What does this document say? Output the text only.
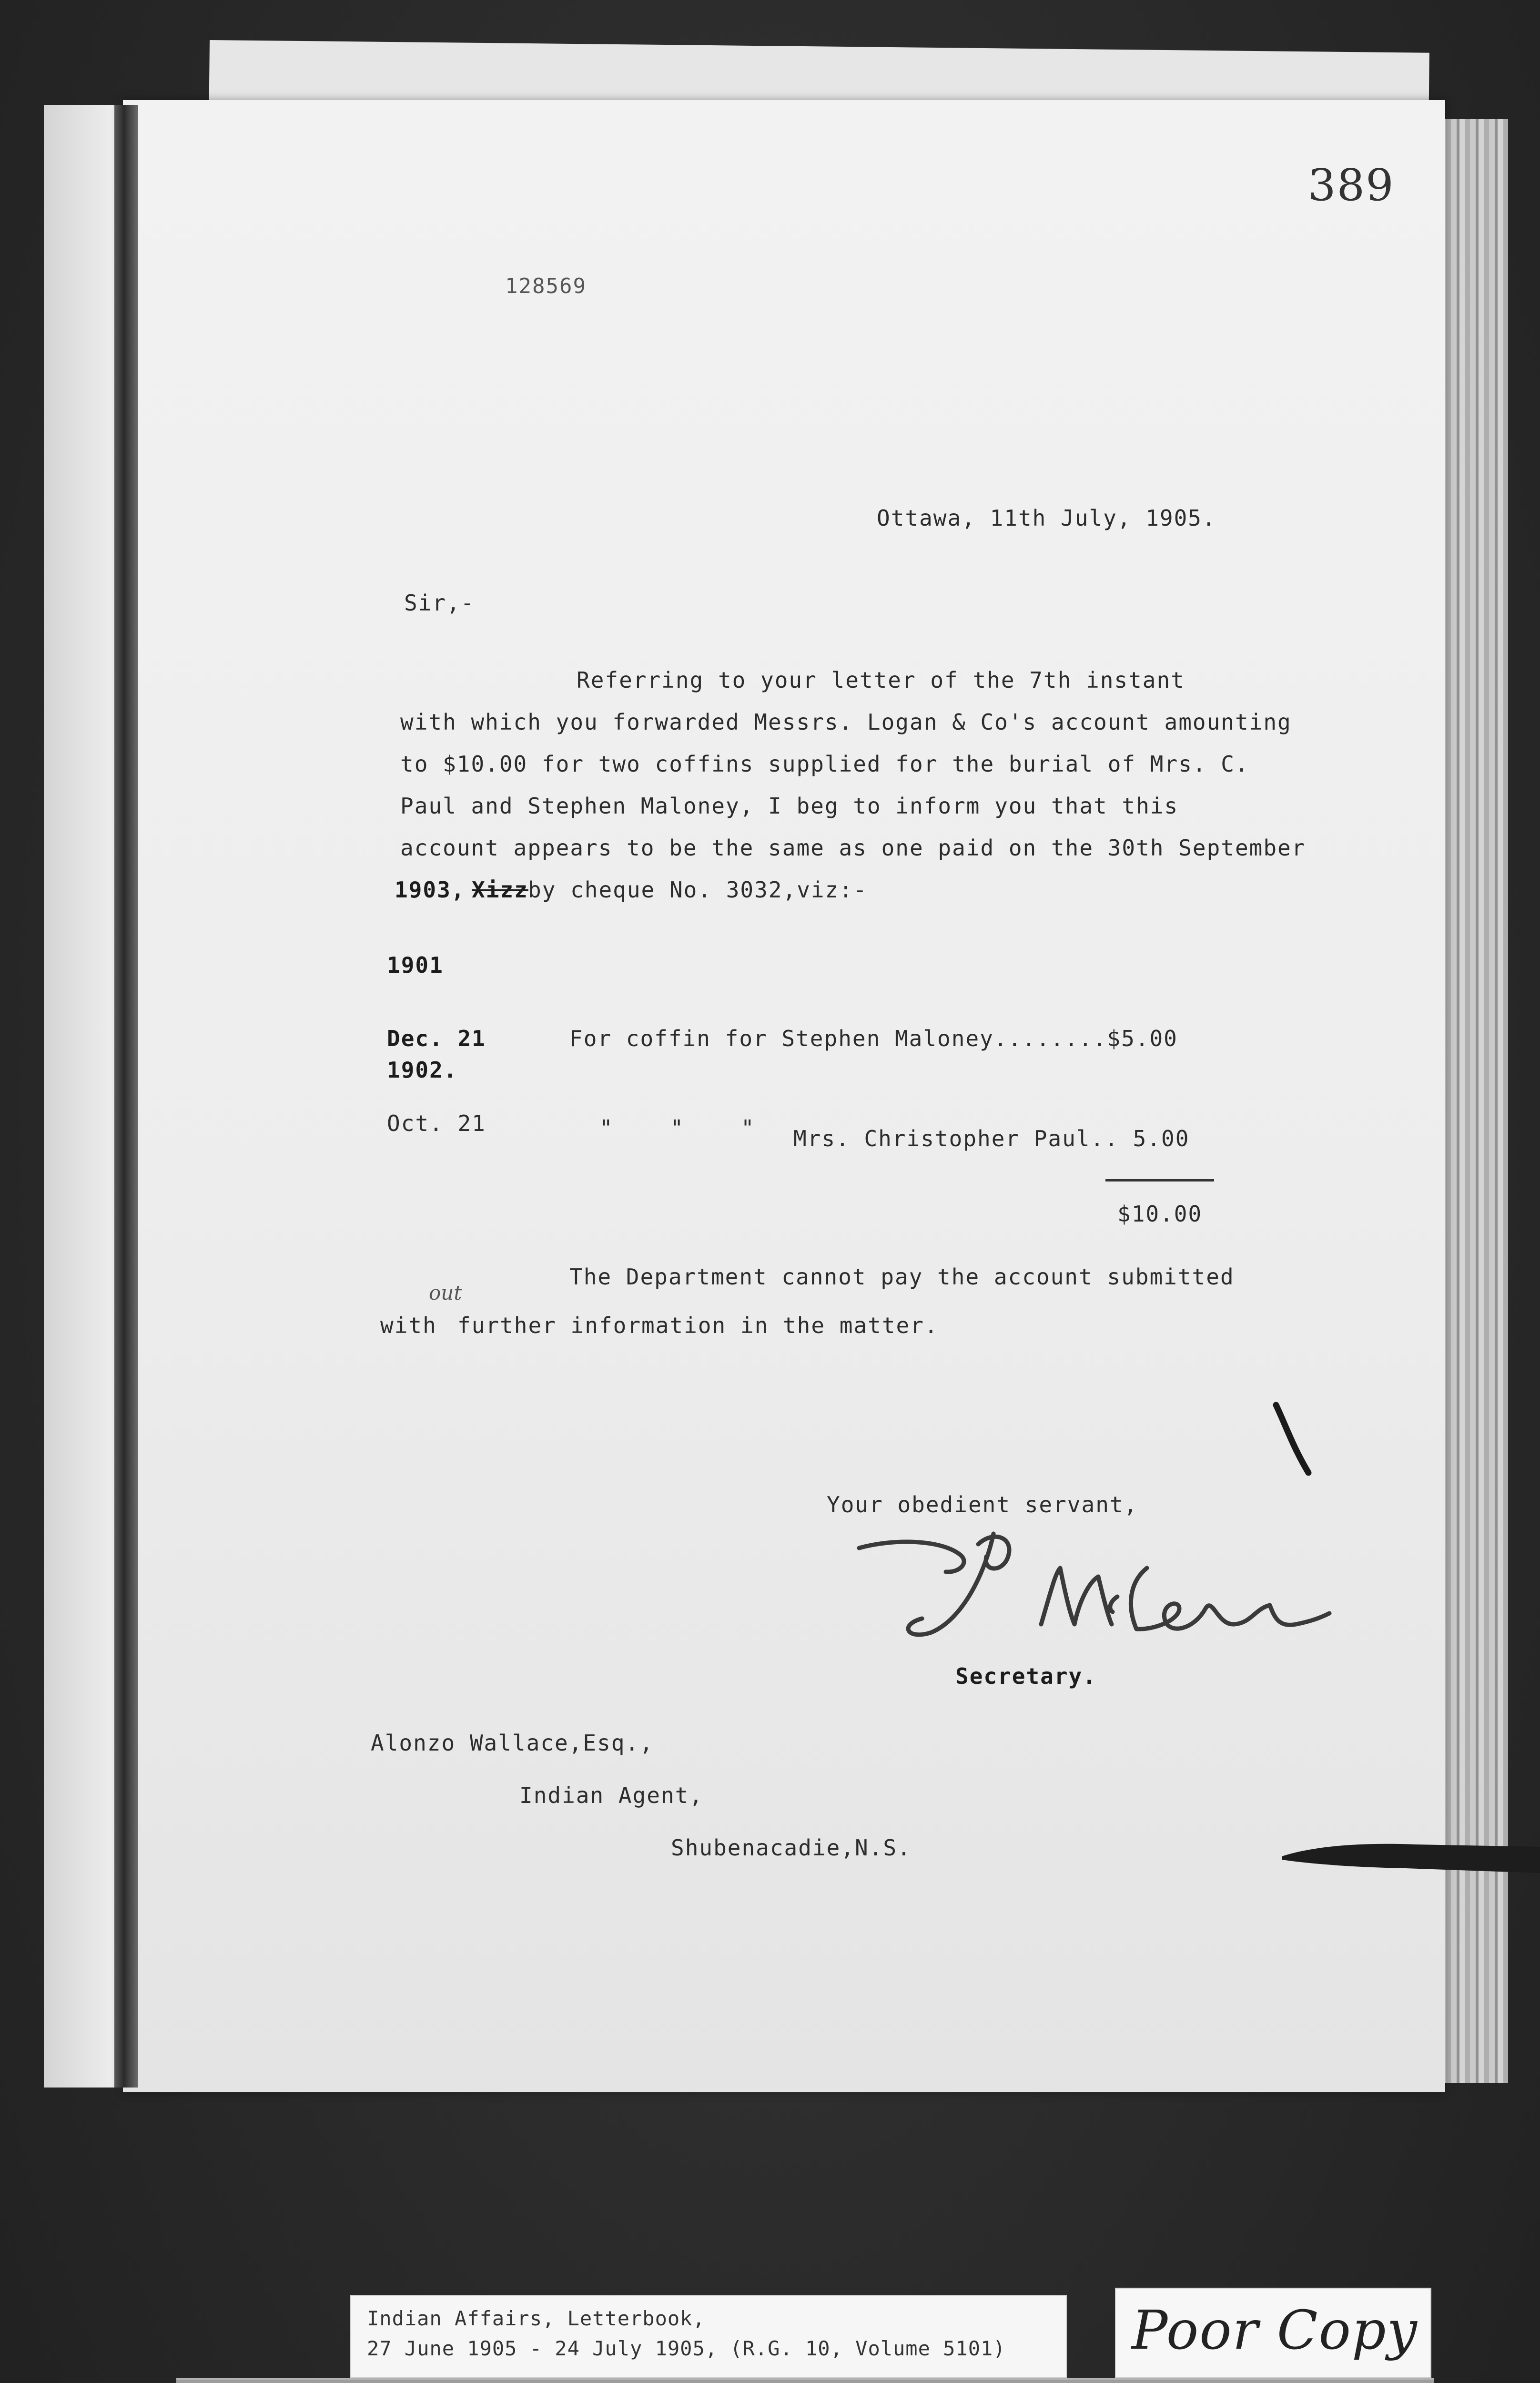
389
128569
Ottawa, 11th July, 1905.
Sir,-
Referring to your letter of the 7th instant
with which you forwarded Messrs. Logan & Co's account amounting
to $10.00 for two coffins supplied for the burial of Mrs. C.
Paul and Stephen Maloney, I beg to inform you that this
account appears to be the same as one paid on the 30th September
1903, Xizz by cheque No. 3032,viz:-
1901
Dec. 21	For coffin for Stephen Maloney........$5.00
1902.
Oct. 21	"    "    " Mrs. Christopher Paul.. 5.00
$10.00
The Department cannot pay the account submitted
with
out
further information in the matter.
Your obedient servant,
Secretary.
Alonzo Wallace,Esq.,
Indian Agent,
Shubenacadie,N.S.
Indian Affairs, Letterbook,
27 June 1905 - 24 July 1905, (R.G. 10, Volume 5101) Poor Copy
